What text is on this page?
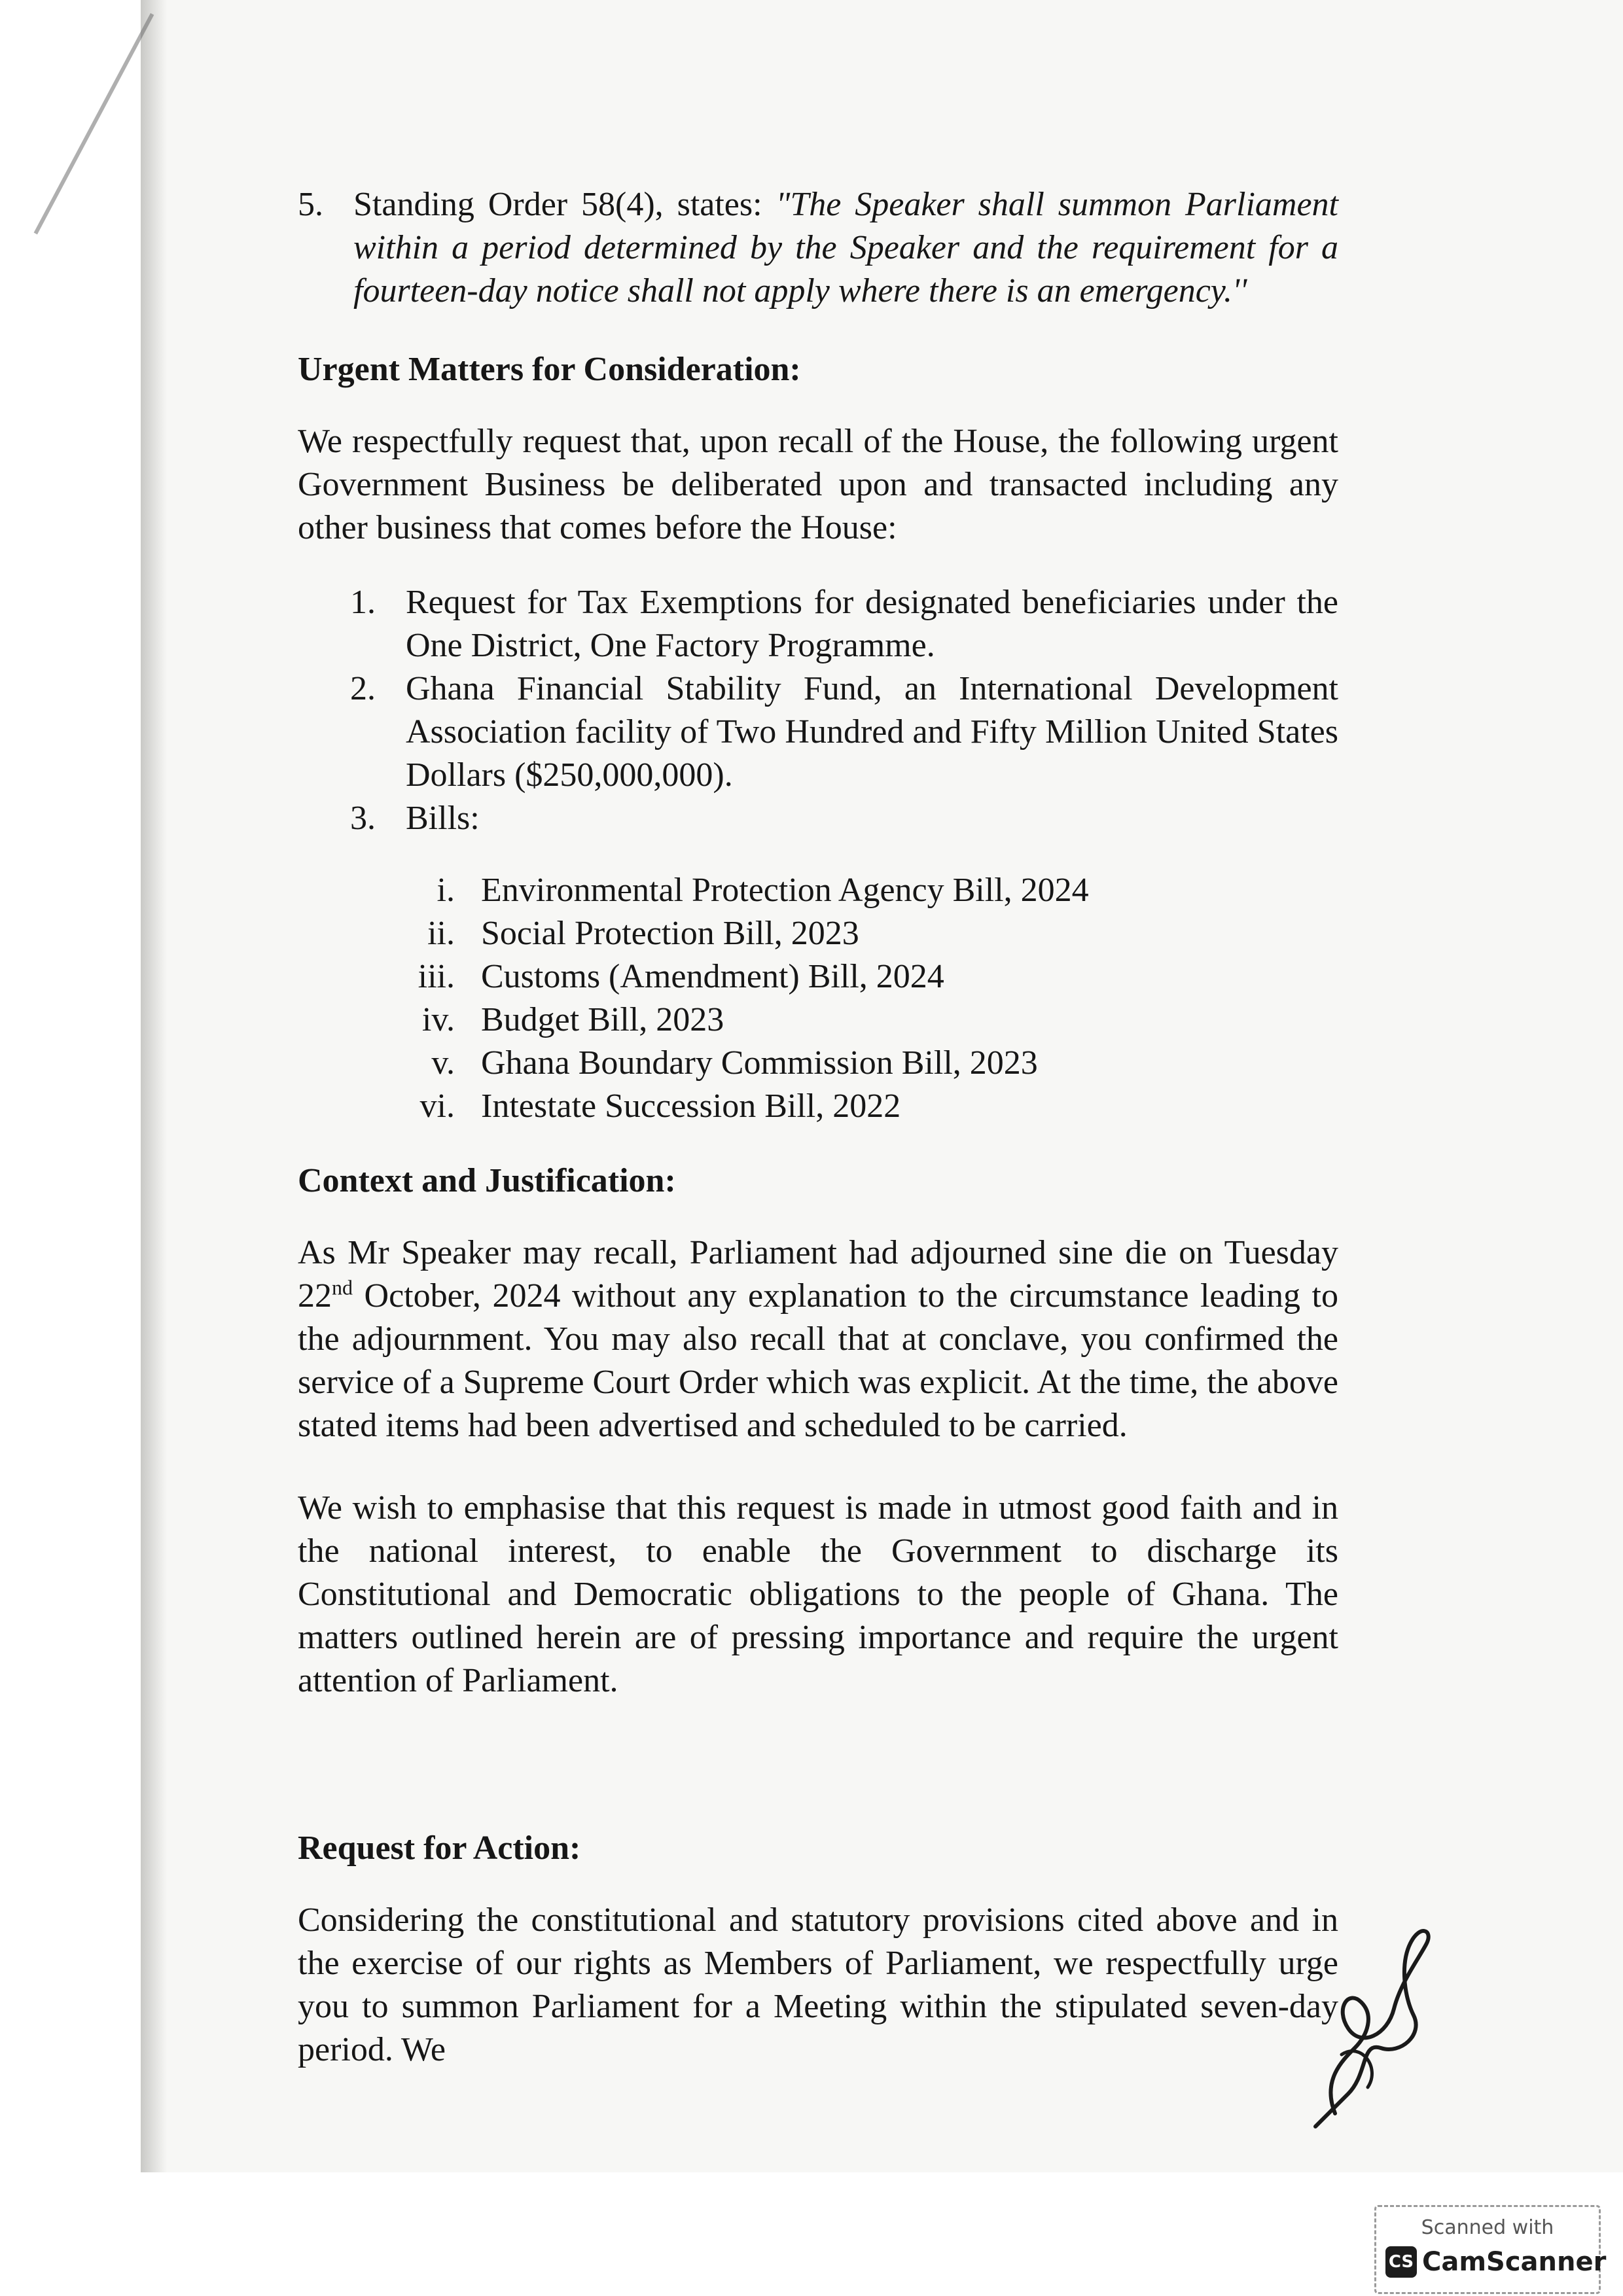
5. Standing Order 58(4), states: "The Speaker shall summon Parliament within a period determined by the Speaker and the requirement for a fourteen-day notice shall not apply where there is an emergency.''
Urgent Matters for Consideration:

We respectfully request that, upon recall of the House, the following urgent Government Business be deliberated upon and transacted including any other business that comes before the House:

1. Request for Tax Exemptions for designated beneficiaries under the One District, One Factory Programme.
2. Ghana Financial Stability Fund, an International Development Association facility of Two Hundred and Fifty Million United States Dollars ($250,000,000).
3. Bills:
i. Environmental Protection Agency Bill, 2024
ii. Social Protection Bill, 2023
iii. Customs (Amendment) Bill, 2024
iv. Budget Bill, 2023
v. Ghana Boundary Commission Bill, 2023
vi. Intestate Succession Bill, 2022
Context and Justification:

As Mr Speaker may recall, Parliament had adjourned sine die on Tuesday 22nd October, 2024 without any explanation to the circumstance leading to the adjournment. You may also recall that at conclave, you confirmed the service of a Supreme Court Order which was explicit. At the time, the above stated items had been advertised and scheduled to be carried.

We wish to emphasise that this request is made in utmost good faith and in the national interest, to enable the Government to discharge its Constitutional and Democratic obligations to the people of Ghana. The matters outlined herein are of pressing importance and require the urgent attention of Parliament.

Request for Action:

Considering the constitutional and statutory provisions cited above and in the exercise of our rights as Members of Parliament, we respectfully urge you to summon Parliament for a Meeting within the stipulated seven-day period. We

Scanned with
CS CamScanner
